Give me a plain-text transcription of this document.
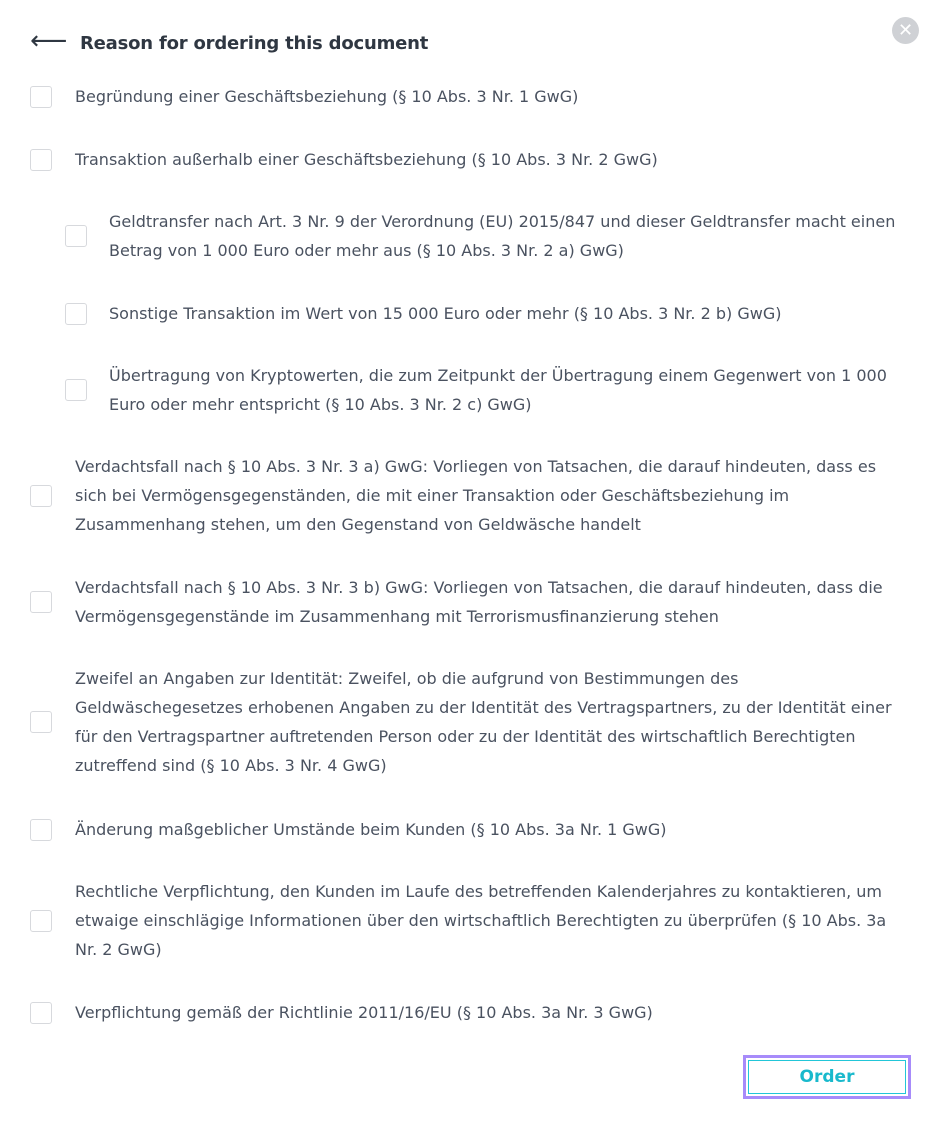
⟵ Reason for ordering this document
✕
Begründung einer Geschäftsbeziehung (§ 10 Abs. 3 Nr. 1 GwG)
Transaktion außerhalb einer Geschäftsbeziehung (§ 10 Abs. 3 Nr. 2 GwG)
Geldtransfer nach Art. 3 Nr. 9 der Verordnung (EU) 2015/847 und dieser Geldtransfer macht einen Betrag von 1 000 Euro oder mehr aus (§ 10 Abs. 3 Nr. 2 a) GwG)
Sonstige Transaktion im Wert von 15 000 Euro oder mehr (§ 10 Abs. 3 Nr. 2 b) GwG)
Übertragung von Kryptowerten, die zum Zeitpunkt der Übertragung einem Gegenwert von 1 000 Euro oder mehr entspricht (§ 10 Abs. 3 Nr. 2 c) GwG)
Verdachtsfall nach § 10 Abs. 3 Nr. 3 a) GwG: Vorliegen von Tatsachen, die darauf hindeuten, dass es sich bei Vermögensgegenständen, die mit einer Transaktion oder Geschäftsbeziehung im Zusammenhang stehen, um den Gegenstand von Geldwäsche handelt
Verdachtsfall nach § 10 Abs. 3 Nr. 3 b) GwG: Vorliegen von Tatsachen, die darauf hindeuten, dass die Vermögensgegenstände im Zusammenhang mit Terrorismusfinanzierung stehen
Zweifel an Angaben zur Identität: Zweifel, ob die aufgrund von Bestimmungen des Geldwäschegesetzes erhobenen Angaben zu der Identität des Vertragspartners, zu der Identität einer für den Vertragspartner auftretenden Person oder zu der Identität des wirtschaftlich Berechtigten zutreffend sind (§ 10 Abs. 3 Nr. 4 GwG)
Änderung maßgeblicher Umstände beim Kunden (§ 10 Abs. 3a Nr. 1 GwG)
Rechtliche Verpflichtung, den Kunden im Laufe des betreffenden Kalenderjahres zu kontaktieren, um etwaige einschlägige Informationen über den wirtschaftlich Berechtigten zu überprüfen (§ 10 Abs. 3a Nr. 2 GwG)
Verpflichtung gemäß der Richtlinie 2011/16/EU (§ 10 Abs. 3a Nr. 3 GwG)
Order
